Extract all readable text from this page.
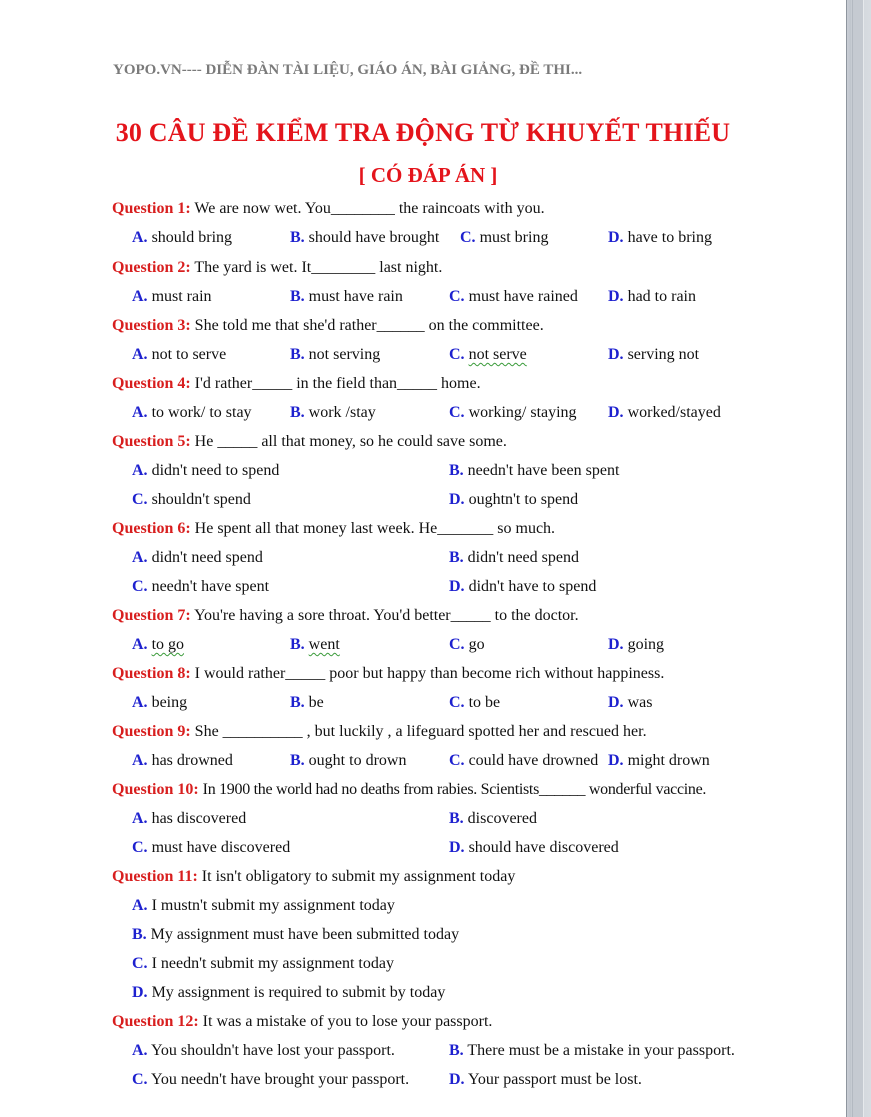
YOPO.VN---- DIỄN ĐÀN TÀI LIỆU, GIÁO ÁN, BÀI GIẢNG, ĐỀ THI...
30 CÂU ĐỀ KIỂM TRA ĐỘNG TỪ KHUYẾT THIẾU
[ CÓ ĐÁP ÁN ]
Question 1: We are now wet. You________ the raincoats with you.
A. should bring	B. should have brought C. must bring	D. have to bring
Question 2: The yard is wet. It________ last night.
A. must rain	B. must have rain	C. must have rained D. had to rain
Question 3: She told me that she'd rather______ on the committee.
A. not to serve	B. not serving	C. not serve	D. serving not
Question 4: I'd rather_____ in the field than_____ home.
A. to work/ to stay B. work /stay	C. working/ staying D. worked/stayed
Question 5: He _____ all that money, so he could save some.
A. didn't need to spend	B. needn't have been spent
C. shouldn't spend	D. oughtn't to spend
Question 6: He spent all that money last week. He_______ so much.
A. didn't need spend	B. didn't need spend
C. needn't have spent	D. didn't have to spend
Question 7: You're having a sore throat. You'd better_____ to the doctor.
A. to go	B. went	C. go	D. going
Question 8: I would rather_____ poor but happy than become rich without happiness.
A. being	B. be	C. to be	D. was
Question 9: She __________ , but luckily , a lifeguard spotted her and rescued her.
A. has drowned	B. ought to drown	C. could have drowned D. might drown
Question 10: In 1900 the world had no deaths from rabies. Scientists______ wonderful vaccine.
A. has discovered	B. discovered
C. must have discovered	D. should have discovered
Question 11: It isn't obligatory to submit my assignment today
A. I mustn't submit my assignment today
B. My assignment must have been submitted today
C. I needn't submit my assignment today
D. My assignment is required to submit by today
Question 12: It was a mistake of you to lose your passport.
A. You shouldn't have lost your passport.	B. There must be a mistake in your passport.
C. You needn't have brought your passport. D. Your passport must be lost.
